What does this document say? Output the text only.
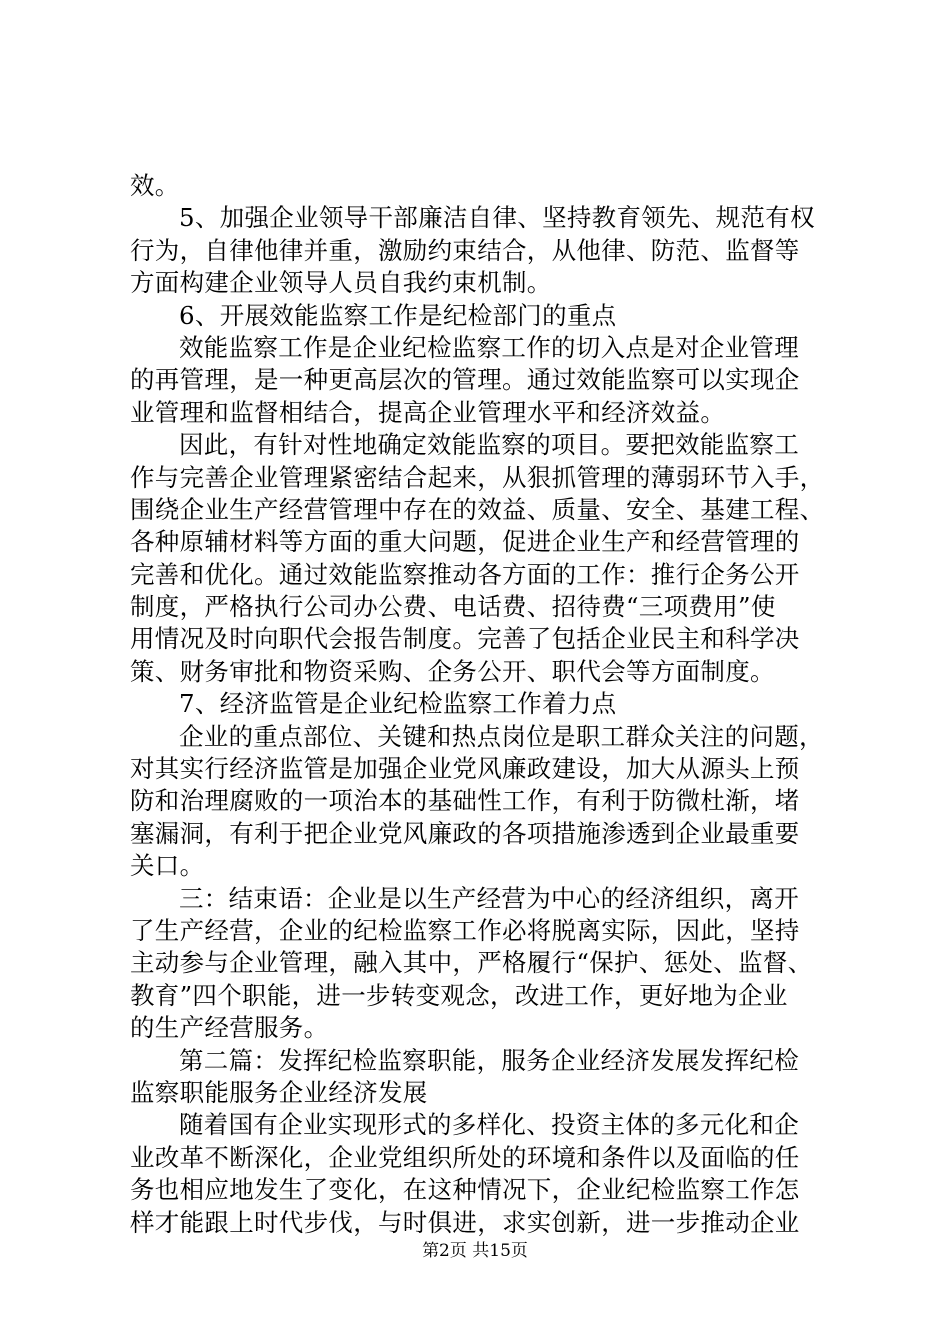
效。
5、加强企业领导干部廉洁自律、坚持教育领先、规范有权
行为，自律他律并重，激励约束结合，从他律、防范、监督等
方面构建企业领导人员自我约束机制。
6、开展效能监察工作是纪检部门的重点
效能监察工作是企业纪检监察工作的切入点是对企业管理
的再管理，是一种更高层次的管理。通过效能监察可以实现企
业管理和监督相结合，提高企业管理水平和经济效益。
因此，有针对性地确定效能监察的项目。要把效能监察工
作与完善企业管理紧密结合起来，从狠抓管理的薄弱环节入手，
围绕企业生产经营管理中存在的效益、质量、安全、基建工程、
各种原辅材料等方面的重大问题，促进企业生产和经营管理的
完善和优化。通过效能监察推动各方面的工作：推行企务公开
制度，严格执行公司办公费、电话费、招待费“三项费用”使
用情况及时向职代会报告制度。完善了包括企业民主和科学决
策、财务审批和物资采购、企务公开、职代会等方面制度。
7、经济监管是企业纪检监察工作着力点
企业的重点部位、关键和热点岗位是职工群众关注的问题，
对其实行经济监管是加强企业党风廉政建设，加大从源头上预
防和治理腐败的一项治本的基础性工作，有利于防微杜渐，堵
塞漏洞，有利于把企业党风廉政的各项措施渗透到企业最重要
关口。
三：结束语：企业是以生产经营为中心的经济组织，离开
了生产经营，企业的纪检监察工作必将脱离实际，因此，坚持
主动参与企业管理，融入其中，严格履行“保护、惩处、监督、
教育”四个职能，进一步转变观念，改进工作，更好地为企业
的生产经营服务。
第二篇：发挥纪检监察职能，服务企业经济发展发挥纪检
监察职能服务企业经济发展
随着国有企业实现形式的多样化、投资主体的多元化和企
业改革不断深化，企业党组织所处的环境和条件以及面临的任
务也相应地发生了变化，在这种情况下，企业纪检监察工作怎
样才能跟上时代步伐，与时俱进，求实创新，进一步推动企业
第2页 共15页
